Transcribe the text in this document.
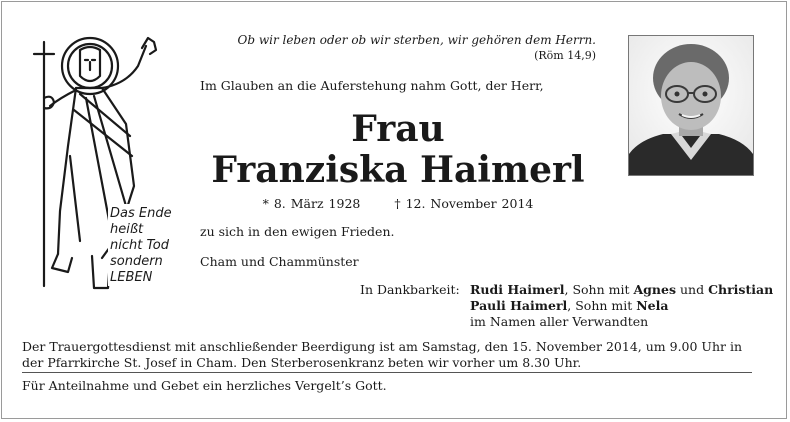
Das Ende
heißt
nicht Tod
sondern
LEBEN
Ob wir leben oder ob wir sterben, wir gehören dem Herrn.
(Röm 14,9)
Im Glauben an die Auferstehung nahm Gott, der Herr,
Frau
Franziska Haimerl
* 8. März 1928	† 12. November 2014
zu sich in den ewigen Frieden.
Cham und Chammünster
In Dankbarkeit: Rudi Haimerl, Sohn mit Agnes und Christian
Pauli Haimerl, Sohn mit Nela
im Namen aller Verwandten
Der Trauergottesdienst mit anschließender Beerdigung ist am Samstag, den 15. November 2014, um 9.00 Uhr in der Pfarrkirche St. Josef in Cham. Den Sterberosenkranz beten wir vorher um 8.30 Uhr.
Für Anteilnahme und Gebet ein herzliches Vergelt’s Gott.
